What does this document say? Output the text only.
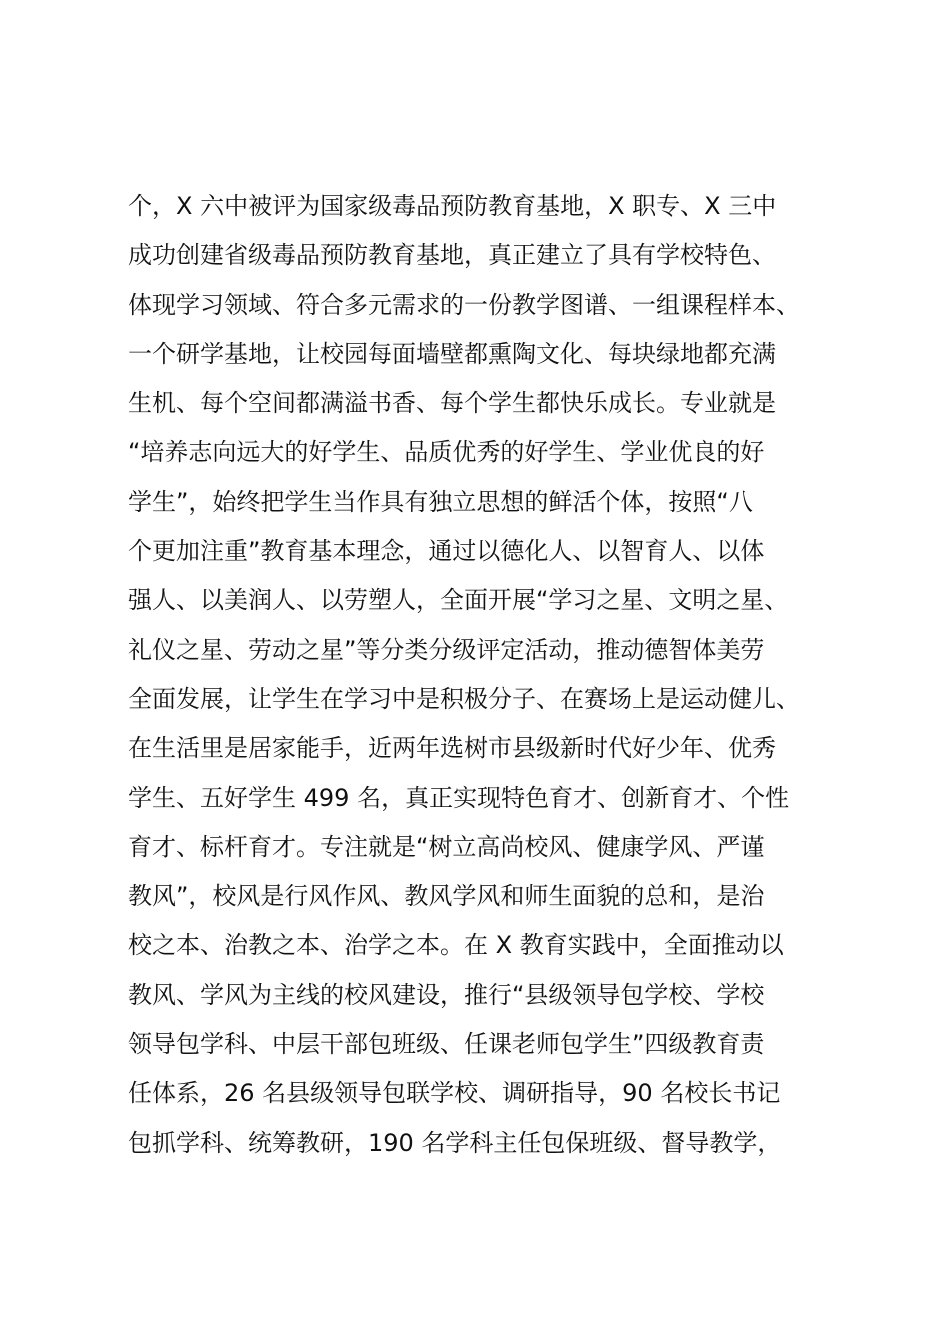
个，X 六中被评为国家级毒品预防教育基地，X 职专、X 三中
成功创建省级毒品预防教育基地，真正建立了具有学校特色、
体现学习领域、符合多元需求的一份教学图谱、一组课程样本、
一个研学基地，让校园每面墙壁都熏陶文化、每块绿地都充满
生机、每个空间都满溢书香、每个学生都快乐成长。专业就是
“培养志向远大的好学生、品质优秀的好学生、学业优良的好
学生”，始终把学生当作具有独立思想的鲜活个体，按照“八
个更加注重”教育基本理念，通过以德化人、以智育人、以体
强人、以美润人、以劳塑人，全面开展“学习之星、文明之星、
礼仪之星、劳动之星”等分类分级评定活动，推动德智体美劳
全面发展，让学生在学习中是积极分子、在赛场上是运动健儿、
在生活里是居家能手，近两年选树市县级新时代好少年、优秀
学生、五好学生 499 名，真正实现特色育才、创新育才、个性
育才、标杆育才。专注就是“树立高尚校风、健康学风、严谨
教风”，校风是行风作风、教风学风和师生面貌的总和，是治
校之本、治教之本、治学之本。在 X 教育实践中，全面推动以
教风、学风为主线的校风建设，推行“县级领导包学校、学校
领导包学科、中层干部包班级、任课老师包学生”四级教育责
任体系，26 名县级领导包联学校、调研指导，90 名校长书记
包抓学科、统筹教研，190 名学科主任包保班级、督导教学，
